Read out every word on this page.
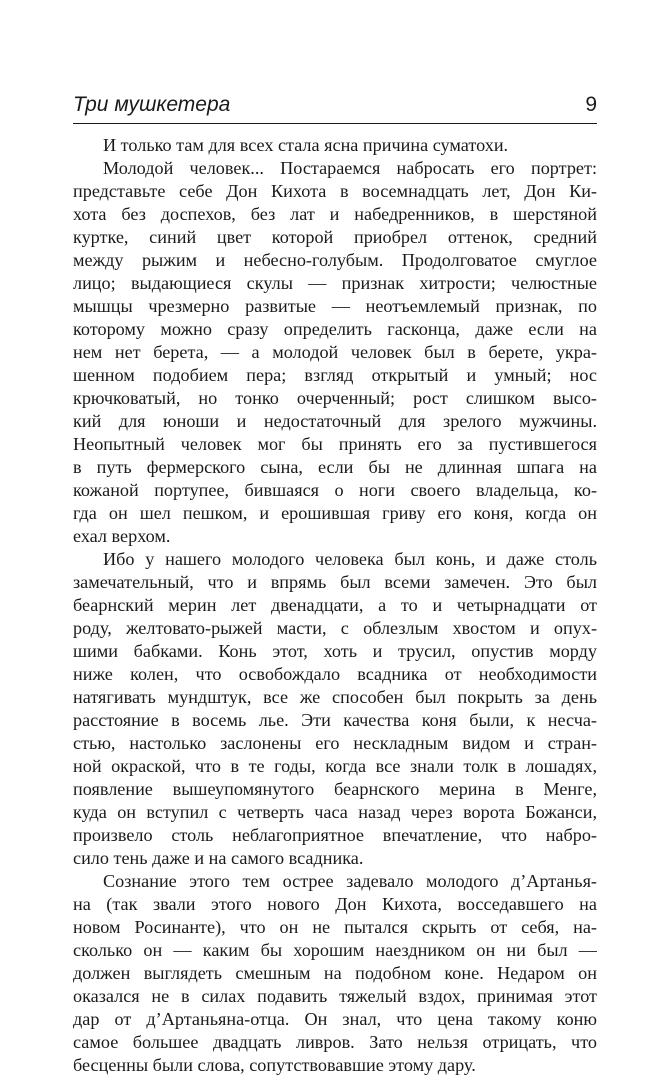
Три мушкетера	9
И только там для всех стала ясна причина суматохи.
Молодой человек... Постараемся набросать его портрет:
представьте себе Дон Кихота в восемнадцать лет, Дон Ки-
хота без доспехов, без лат и набедренников, в шерстяной
куртке, синий цвет которой приобрел оттенок, средний
между рыжим и небесно-голубым. Продолговатое смуглое
лицо; выдающиеся скулы — признак хитрости; челюстные
мышцы чрезмерно развитые — неотъемлемый признак, по
которому можно сразу определить гасконца, даже если на
нем нет берета, — а молодой человек был в берете, укра-
шенном подобием пера; взгляд открытый и умный; нос
крючковатый, но тонко очерченный; рост слишком высо-
кий для юноши и недостаточный для зрелого мужчины.
Неопытный человек мог бы принять его за пустившегося
в путь фермерского сына, если бы не длинная шпага на
кожаной портупее, бившаяся о ноги своего владельца, ко-
гда он шел пешком, и ерошившая гриву его коня, когда он
ехал верхом.
Ибо у нашего молодого человека был конь, и даже столь
замечательный, что и впрямь был всеми замечен. Это был
беарнский мерин лет двенадцати, а то и четырнадцати от
роду, желтовато-рыжей масти, с облезлым хвостом и опух-
шими бабками. Конь этот, хоть и трусил, опустив морду
ниже колен, что освобождало всадника от необходимости
натягивать мундштук, все же способен был покрыть за день
расстояние в восемь лье. Эти качества коня были, к несча-
стью, настолько заслонены его нескладным видом и стран-
ной окраской, что в те годы, когда все знали толк в лошадях,
появление вышеупомянутого беарнского мерина в Менге,
куда он вступил с четверть часа назад через ворота Божанси,
произвело столь неблагоприятное впечатление, что набро-
сило тень даже и на самого всадника.
Сознание этого тем острее задевало молодого д’Артанья-
на (так звали этого нового Дон Кихота, восседавшего на
новом Росинанте), что он не пытался скрыть от себя, на-
сколько он — каким бы хорошим наездником он ни был —
должен выглядеть смешным на подобном коне. Недаром он
оказался не в силах подавить тяжелый вздох, принимая этот
дар от д’Артаньяна-отца. Он знал, что цена такому коню
самое большее двадцать ливров. Зато нельзя отрицать, что
бесценны были слова, сопутствовавшие этому дару.
